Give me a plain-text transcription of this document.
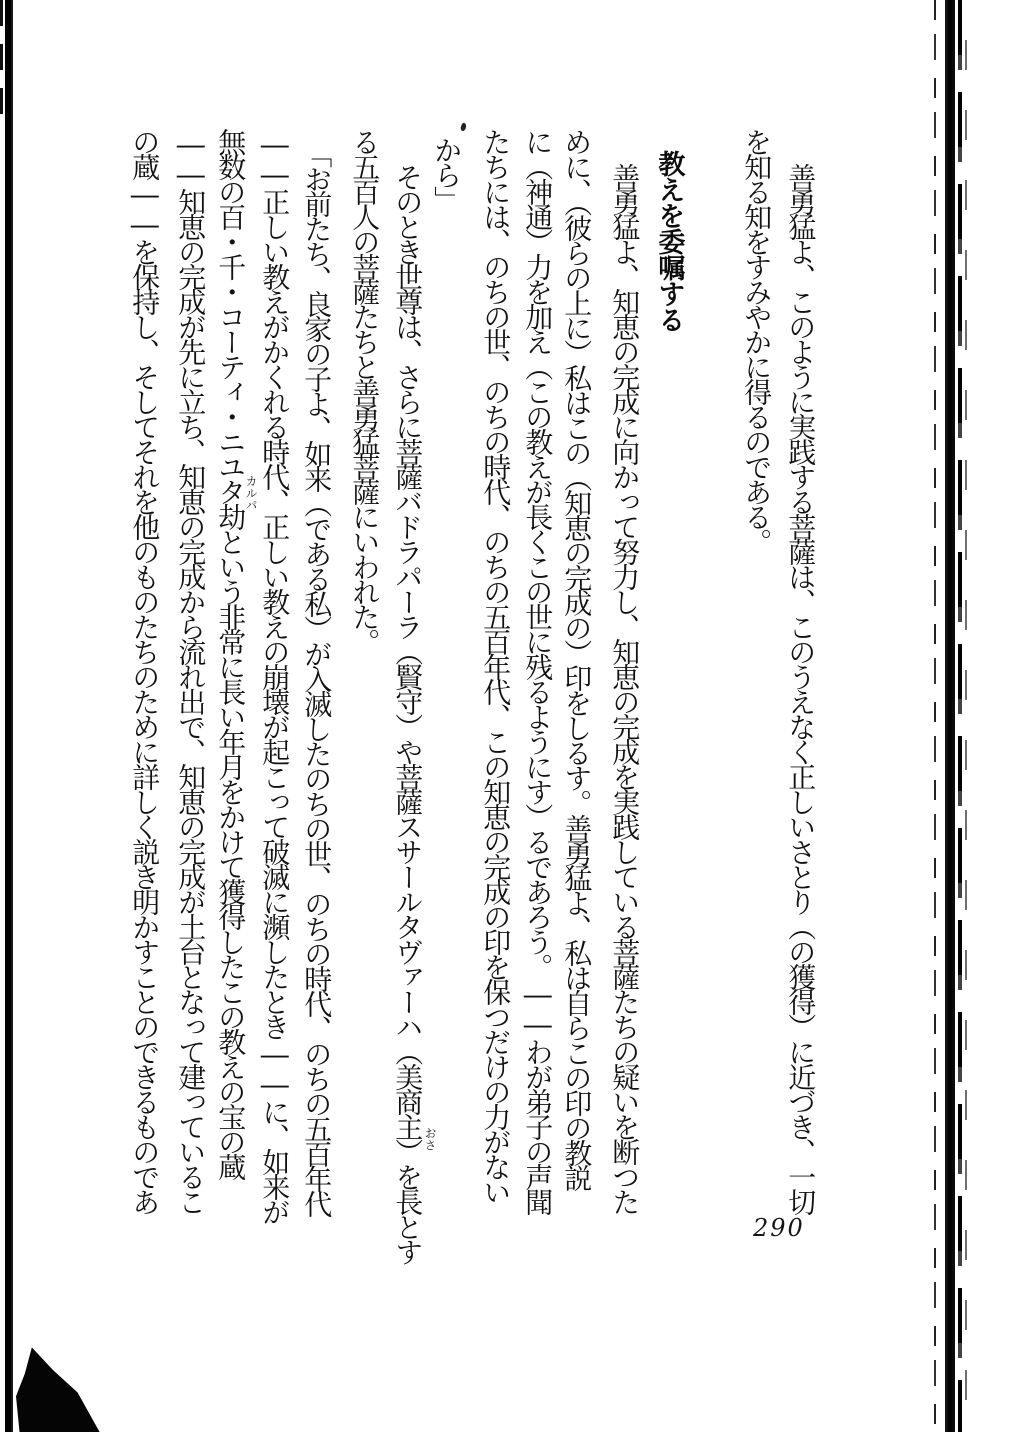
善勇猛よ、このように実践する菩薩は、このうえなく正しいさとり（の獲得）に近づき、一切
を知る知をすみやかに得るのである。
教えを委嘱する
善勇猛よ、知恵の完成に向かって努力し、知恵の完成を実践している菩薩たちの疑いを断つた
めに、（彼らの上に）私はこの（知恵の完成の）印をしるす。善勇猛よ、私は自らこの印の教説
に（神通）力を加え（この教えが長くこの世に残るようにす）るであろう。――わが弟子の声聞
たちには、のちの世、のちの時代、のちの五百年代、この知恵の完成の印を保つだけの力がない
から」
そのとき世尊は、さらに菩薩バドラパーラ（賢守）や菩薩スサールタヴァーハ（美商主）を長とす
る五百人の菩薩たちと善勇猛菩薩にいわれた。
「お前たち、良家の子よ、如来（である私）が入滅したのちの世、のちの時代、のちの五百年代
――正しい教えがかくれる時代、正しい教えの崩壊が起こって破滅に瀕したとき――に、如来が
無数の百・千・コーティ・ニユタ劫という非常に長い年月をかけて獲得したこの教えの宝の蔵
――知恵の完成が先に立ち、知恵の完成から流れ出で、知恵の完成が土台となって建っているこ
の蔵――を保持し、そしてそれを他のものたちのために詳しく説き明かすことのできるものであ	おさ
カルパ
290
